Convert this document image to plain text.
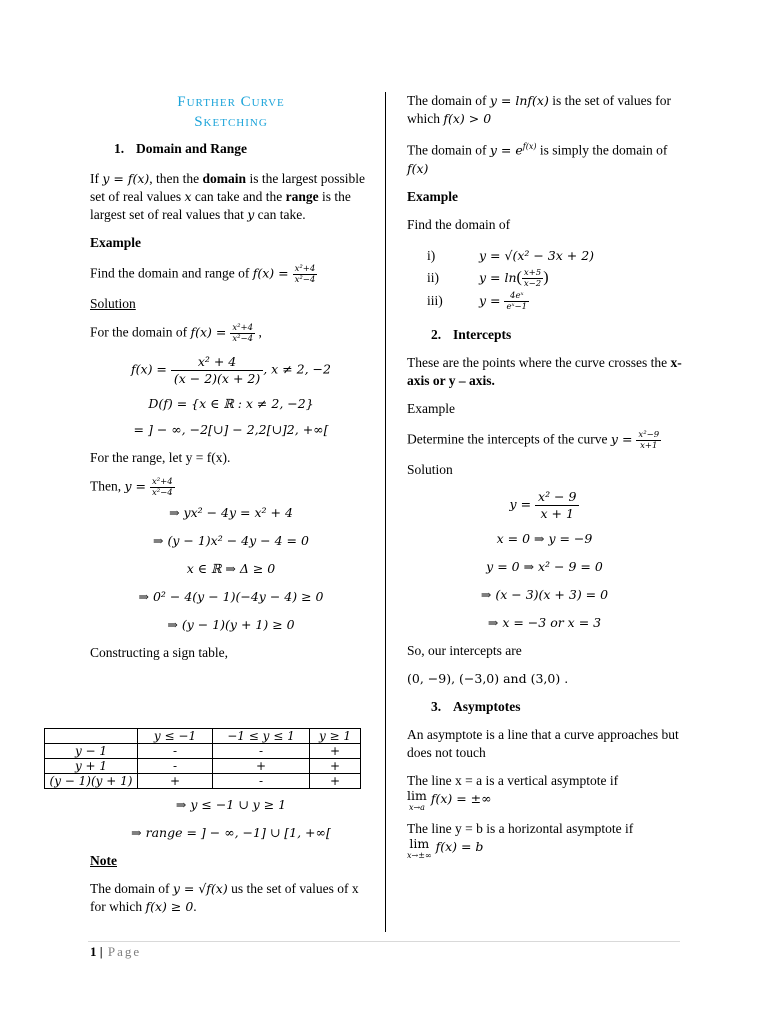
Further Curve
Sketching
1. Domain and Range

If y = f(x), then the domain is the largest possible set of real values x can take and the range is the largest set of real values that y can take.

Example

Find the domain and range of $f(x) = \frac{\text{x²+4}}{\text{x²−4}}$

Solution

For the domain of $f(x) = \frac{\text{x²+4}}{\text{x²−4}}$ ,

$f(x) = \frac{\text{x² + 4}}{(x - 2)(x + 2)}$ , x ≠ 2, −2
D(f) = {x ∈ ℝ : x ≠ 2, −2}
= ] − ∞, −2[∪] − 2,2[∪]2, +∞[

For the range, let y = f(x).

Then, $y = \frac{\text{x²+4}}{\text{x²−4}}$

⇒ yx² − 4y = x² + 4
⇒ (y − 1)x² − 4y − 4 = 0
x ∈ ℝ ⇒ Δ ≥ 0
⇒ 0² − 4(y − 1)(−4y − 4) ≥ 0
⇒ (y − 1)(y + 1) ≥ 0

Constructing a sign table,

	y ≤ −1	−1 ≤ y ≤ 1	y ≥ 1
y − 1	-	-	+
y + 1	-	+	+
(y − 1)(y + 1)	+	-	+
⇒ y ≤ −1 ∪ y ≥ 1
⇒ range = ] − ∞, −1] ∪ [1, +∞[

Note

The domain of y = √f(x) us the set of values of x for which f(x) ≥ 0.

The domain of y = lnf(x) is the set of values for which f(x) > 0

The domain of $y = e^{f(x)}$ is simply the domain of f(x)

Example

Find the domain of

i)	y = √(x² − 3x + 2)
ii)	$y = \ln( \frac{x+5}{x-2}$ )
iii)	$y = \frac{\text{4eˣ}}{\text{eˣ−1}}$
2. Intercepts

These are the points where the curve crosses the x- axis or y – axis.

Example

Determine the intercepts of the curve $y = \frac{\text{x²−9}}{x+1}$

Solution

$y = \frac{\text{x² − 9}}{x + 1}$
x = 0 ⇒ y = −9
y = 0 ⇒ x² − 9 = 0
⇒ (x − 3)(x + 3) = 0
⇒ x = −3 or x = 3

So, our intercepts are

(0, −9), (−3,0) and (3,0) .

3. Asymptotes

An asymptote is a line that a curve approaches but does not touch

The line x = a is a vertical asymptote if

lim
x→a
f(x) = ±∞

The line y = b is a horizontal asymptote if

lim
x→±∞
f(x) = b
1 | Page
